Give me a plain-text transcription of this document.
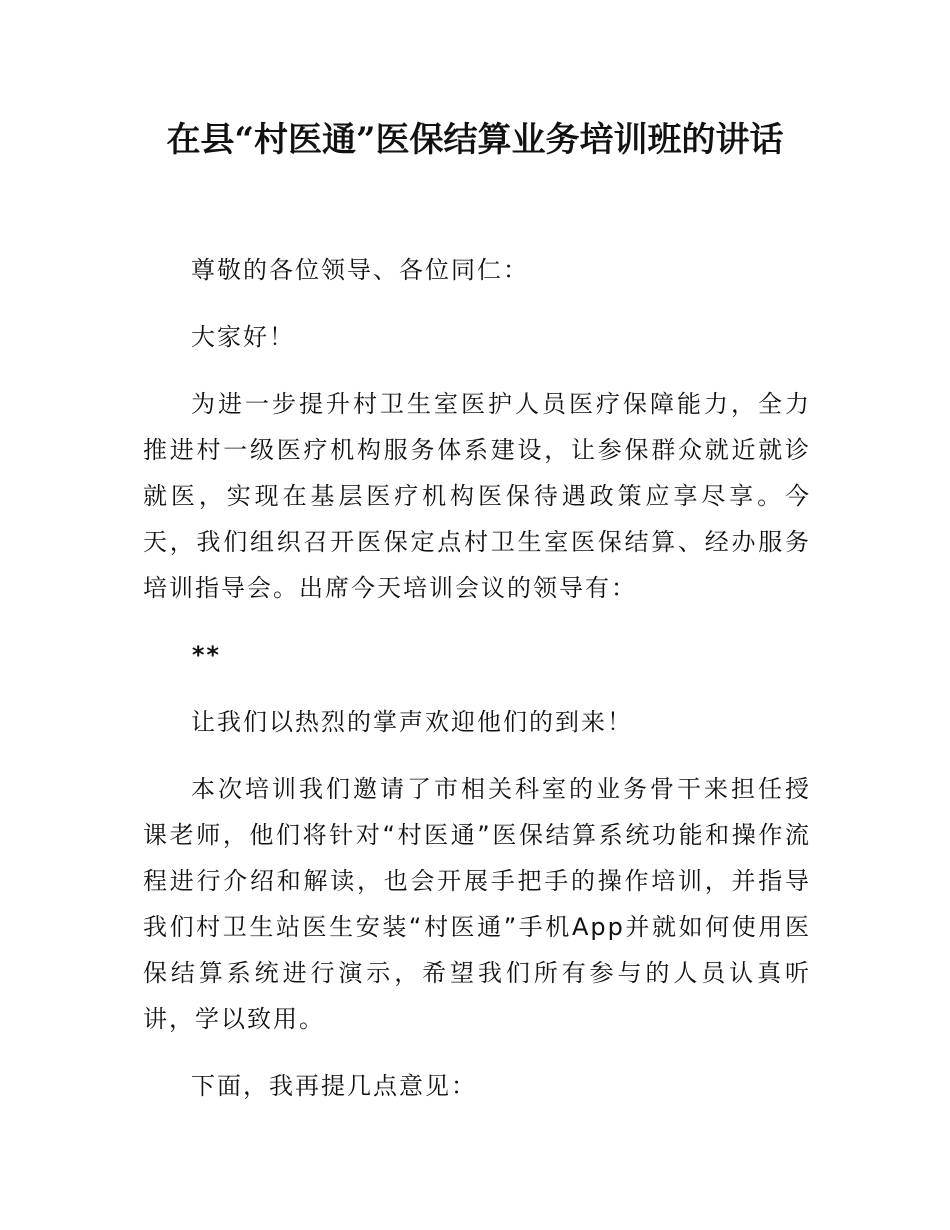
在县“村医通”医保结算业务培训班的讲话

尊敬的各位领导、各位同仁：

大家好！

为进一步提升村卫生室医护人员医疗保障能力，全力推进村一级医疗机构服务体系建设，让参保群众就近就诊就医，实现在基层医疗机构医保待遇政策应享尽享。今天，我们组织召开医保定点村卫生室医保结算、经办服务培训指导会。出席今天培训会议的领导有：

**

让我们以热烈的掌声欢迎他们的到来！

本次培训我们邀请了市相关科室的业务骨干来担任授课老师，他们将针对“村医通”医保结算系统功能和操作流程进行介绍和解读，也会开展手把手的操作培训，并指导我们村卫生站医生安装“村医通”手机App并就如何使用医保结算系统进行演示，希望我们所有参与的人员认真听讲，学以致用。

下面，我再提几点意见：
